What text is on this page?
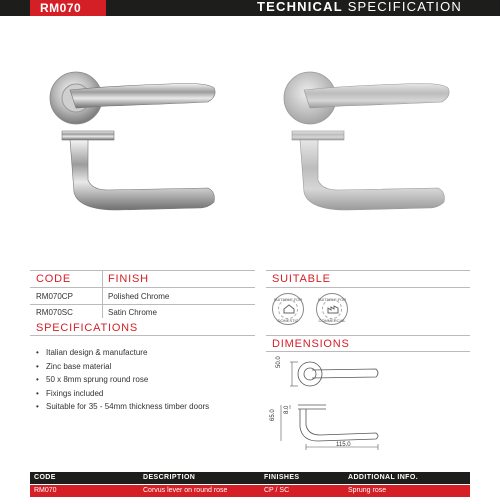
RM070	TECHNICAL SPECIFICATION
CODE	FINISH
RM070CP	Polished Chrome
RM070SC	Satin Chrome
SPECIFICATIONS
• Italian design & manufacture
• Zinc base material
• 50 x 8mm sprung round rose
• Fixings included
• Suitable for 35 - 54mm thickness timber doors
SUITABLE
SUITABLE FOR
DOMESTIC
SUITABLE FOR
COMMERCIAL
DIMENSIONS
50.0
65.0 8.0
115.0
CODE	DESCRIPTION	FINISHES	ADDITIONAL INFO.
RM070	Corvus lever on round rose	CP / SC	Sprung rose
